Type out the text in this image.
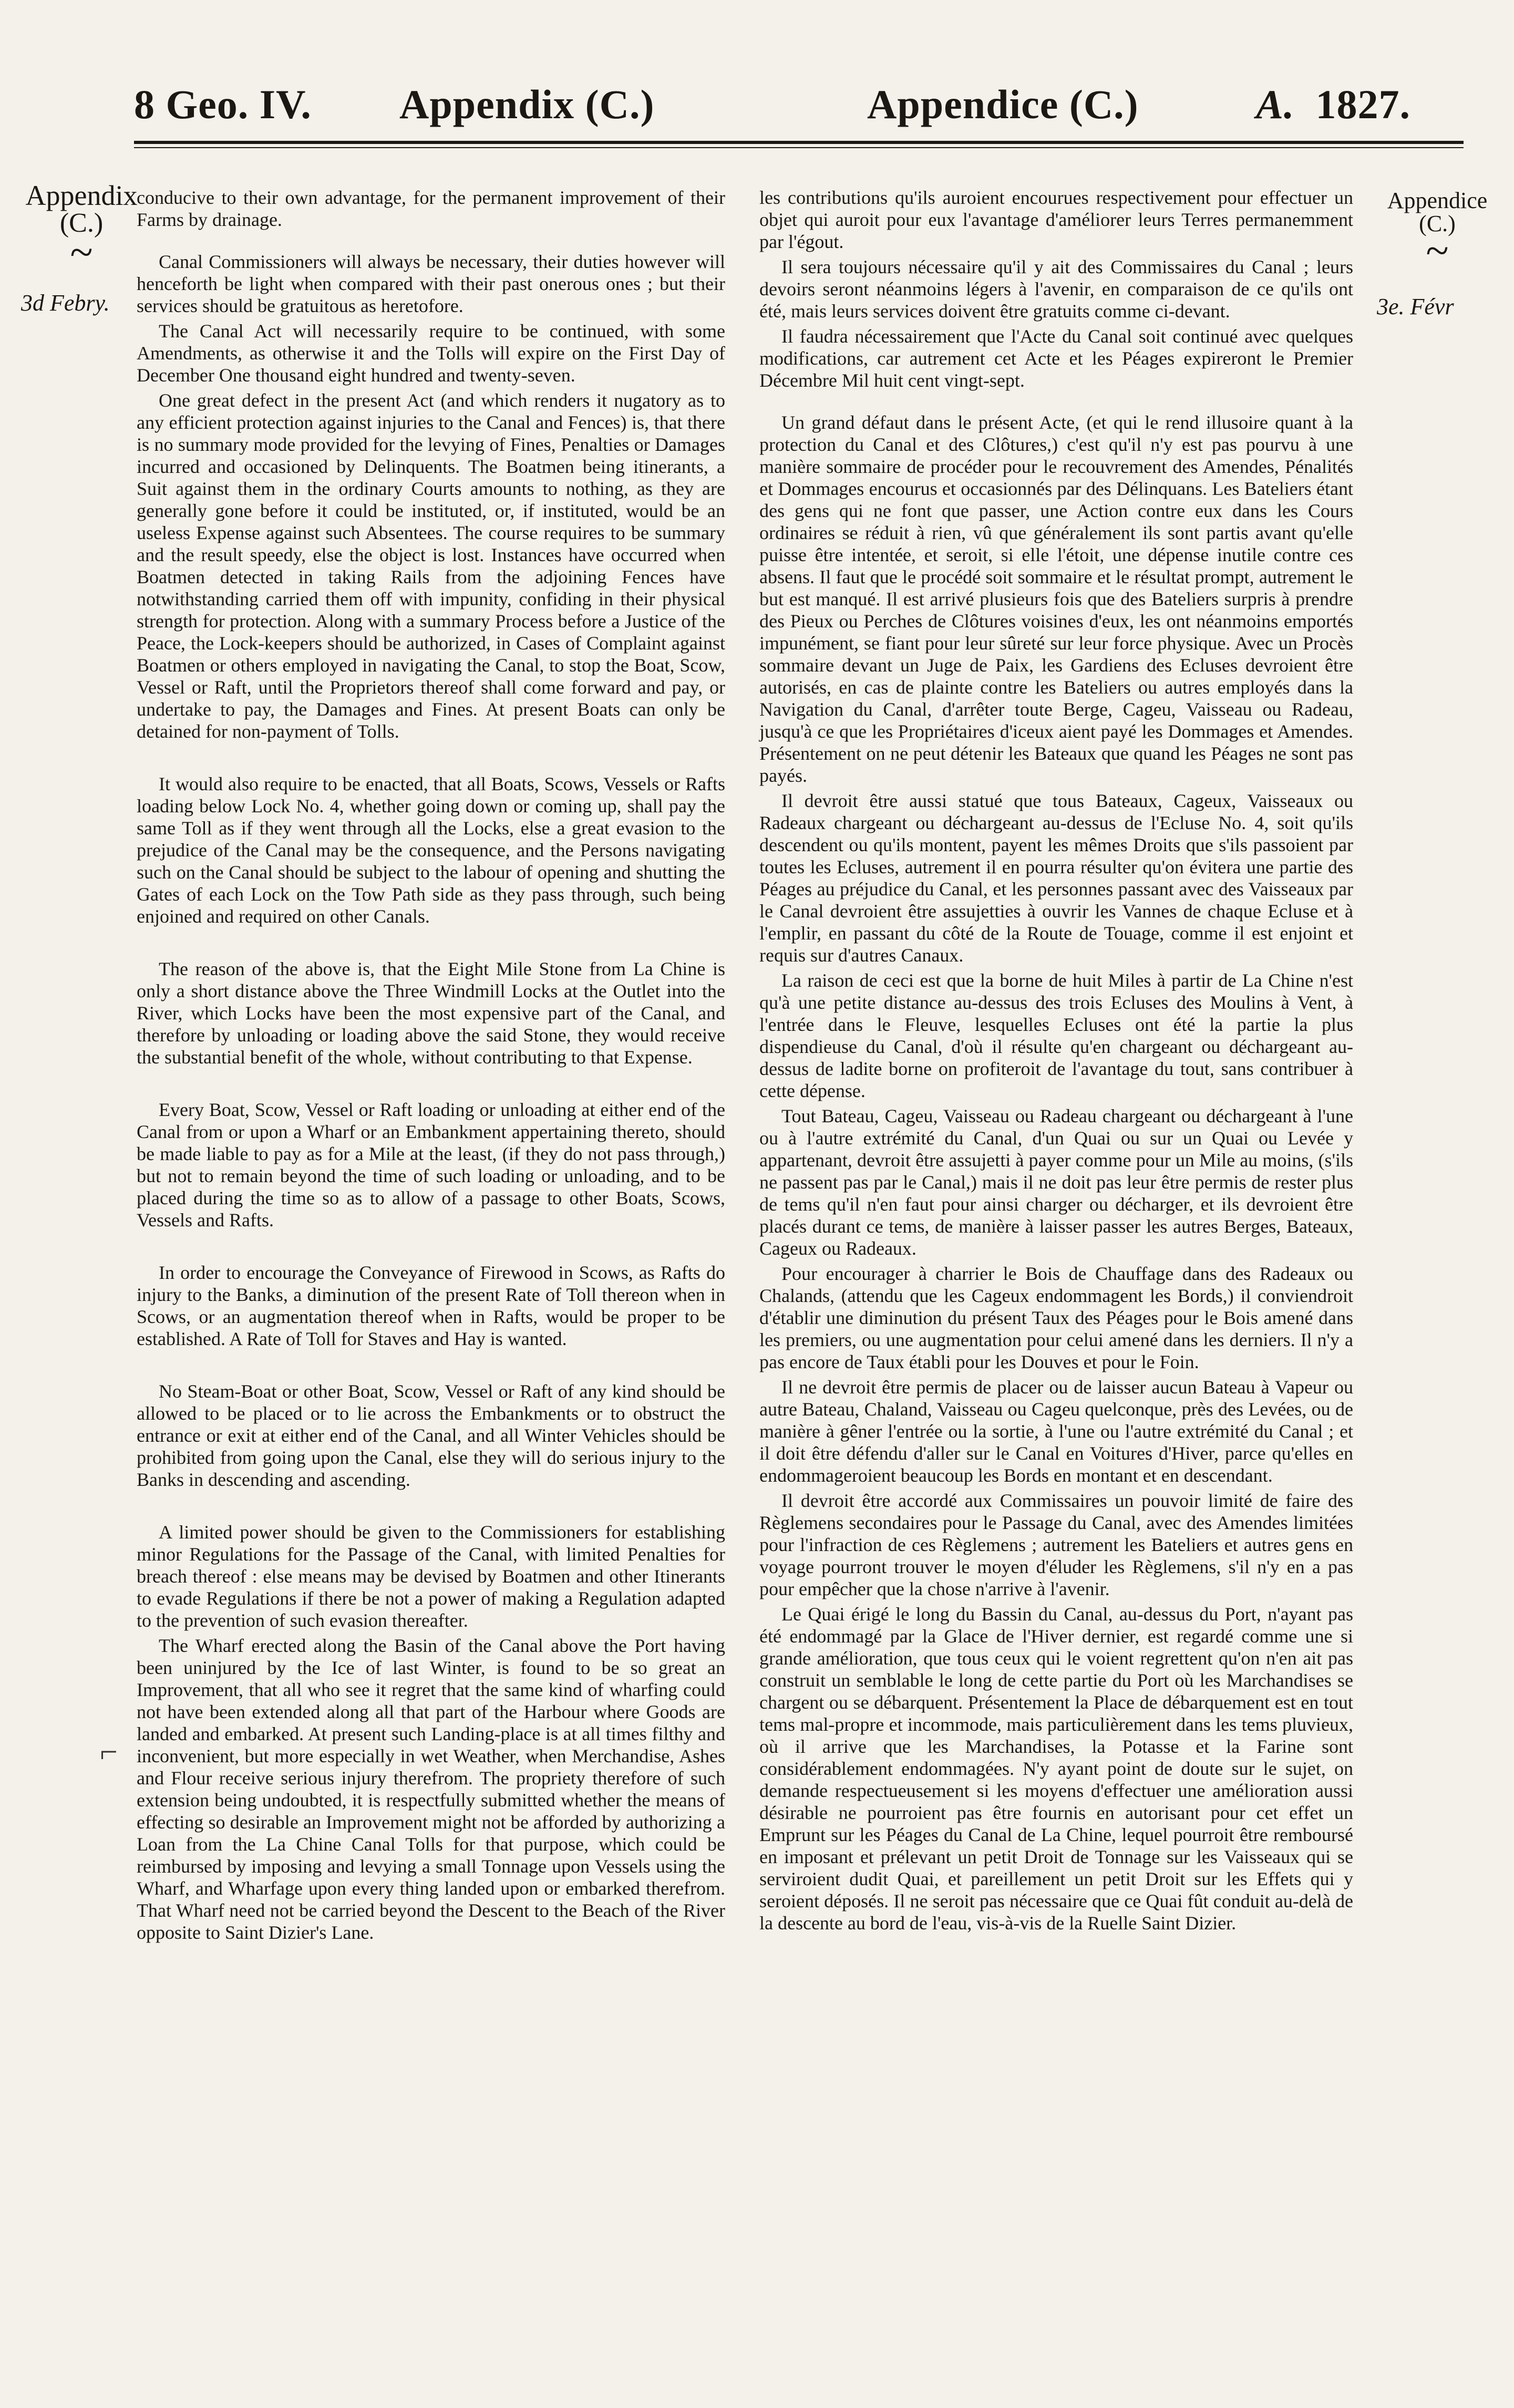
8 Geo. IV. Appendix (C.)	Appendice (C.)	A. 1827.
Appendix
(C.)
~
3d Febry.
Appendice
(C.)
~
3e. Févr
⌐

conducive to their own advantage, for the permanent improvement of their Farms by drainage.

Canal Commissioners will always be necessary, their duties however will henceforth be light when compared with their past onerous ones ; but their services should be gratuitous as heretofore.

The Canal Act will necessarily require to be continued, with some Amendments, as otherwise it and the Tolls will expire on the First Day of December One thousand eight hundred and twenty-seven.

One great defect in the present Act (and which renders it nugatory as to any efficient protection against injuries to the Canal and Fences) is, that there is no summary mode provided for the levying of Fines, Penalties or Damages incurred and occasioned by Delinquents. The Boatmen being itinerants, a Suit against them in the ordinary Courts amounts to nothing, as they are generally gone before it could be instituted, or, if instituted, would be an useless Expense against such Absentees. The course requires to be summary and the result speedy, else the object is lost. Instances have occurred when Boatmen detected in taking Rails from the adjoining Fences have notwithstanding carried them off with impunity, confiding in their physical strength for protection. Along with a summary Process before a Justice of the Peace, the Lock-keepers should be authorized, in Cases of Complaint against Boatmen or others employed in navigating the Canal, to stop the Boat, Scow, Vessel or Raft, until the Proprietors thereof shall come forward and pay, or undertake to pay, the Damages and Fines. At present Boats can only be detained for non-payment of Tolls.

It would also require to be enacted, that all Boats, Scows, Vessels or Rafts loading below Lock No. 4, whether going down or coming up, shall pay the same Toll as if they went through all the Locks, else a great evasion to the prejudice of the Canal may be the consequence, and the Persons navigating such on the Canal should be subject to the labour of opening and shutting the Gates of each Lock on the Tow Path side as they pass through, such being enjoined and required on other Canals.

The reason of the above is, that the Eight Mile Stone from La Chine is only a short distance above the Three Windmill Locks at the Outlet into the River, which Locks have been the most expensive part of the Canal, and therefore by unloading or loading above the said Stone, they would receive the substantial benefit of the whole, without contributing to that Expense.

Every Boat, Scow, Vessel or Raft loading or unloading at either end of the Canal from or upon a Wharf or an Embankment appertaining thereto, should be made liable to pay as for a Mile at the least, (if they do not pass through,) but not to remain beyond the time of such loading or unloading, and to be placed during the time so as to allow of a passage to other Boats, Scows, Vessels and Rafts.

In order to encourage the Conveyance of Firewood in Scows, as Rafts do injury to the Banks, a diminution of the present Rate of Toll thereon when in Scows, or an augmentation thereof when in Rafts, would be proper to be established. A Rate of Toll for Staves and Hay is wanted.

No Steam-Boat or other Boat, Scow, Vessel or Raft of any kind should be allowed to be placed or to lie across the Embankments or to obstruct the entrance or exit at either end of the Canal, and all Winter Vehicles should be prohibited from going upon the Canal, else they will do serious injury to the Banks in descending and ascending.

A limited power should be given to the Commissioners for establishing minor Regulations for the Passage of the Canal, with limited Penalties for breach thereof : else means may be devised by Boatmen and other Itinerants to evade Regulations if there be not a power of making a Regulation adapted to the prevention of such evasion thereafter.

The Wharf erected along the Basin of the Canal above the Port having been uninjured by the Ice of last Winter, is found to be so great an Improvement, that all who see it regret that the same kind of wharfing could not have been extended along all that part of the Harbour where Goods are landed and embarked. At present such Landing-place is at all times filthy and inconvenient, but more especially in wet Weather, when Merchandise, Ashes and Flour receive serious injury therefrom. The propriety therefore of such extension being undoubted, it is respectfully submitted whether the means of effecting so desirable an Improvement might not be afforded by authorizing a Loan from the La Chine Canal Tolls for that purpose, which could be reimbursed by imposing and levying a small Tonnage upon Vessels using the Wharf, and Wharfage upon every thing landed upon or embarked therefrom. That Wharf need not be carried beyond the Descent to the Beach of the River opposite to Saint Dizier's Lane.

les contributions qu'ils auroient encourues respectivement pour effectuer un objet qui auroit pour eux l'avantage d'améliorer leurs Terres permanemment par l'égout.

Il sera toujours nécessaire qu'il y ait des Commissaires du Canal ; leurs devoirs seront néanmoins légers à l'avenir, en comparaison de ce qu'ils ont été, mais leurs services doivent être gratuits comme ci-devant.

Il faudra nécessairement que l'Acte du Canal soit continué avec quelques modifications, car autrement cet Acte et les Péages expireront le Premier Décembre Mil huit cent vingt-sept.

Un grand défaut dans le présent Acte, (et qui le rend illusoire quant à la protection du Canal et des Clôtures,) c'est qu'il n'y est pas pourvu à une manière sommaire de procéder pour le recouvrement des Amendes, Pénalités et Dommages encourus et occasionnés par des Délinquans. Les Bateliers étant des gens qui ne font que passer, une Action contre eux dans les Cours ordinaires se réduit à rien, vû que généralement ils sont partis avant qu'elle puisse être intentée, et seroit, si elle l'étoit, une dépense inutile contre ces absens. Il faut que le procédé soit sommaire et le résultat prompt, autrement le but est manqué. Il est arrivé plusieurs fois que des Bateliers surpris à prendre des Pieux ou Perches de Clôtures voisines d'eux, les ont néanmoins emportés impunément, se fiant pour leur sûreté sur leur force physique. Avec un Procès sommaire devant un Juge de Paix, les Gardiens des Ecluses devroient être autorisés, en cas de plainte contre les Bateliers ou autres employés dans la Navigation du Canal, d'arrêter toute Berge, Cageu, Vaisseau ou Radeau, jusqu'à ce que les Propriétaires d'iceux aient payé les Dommages et Amendes. Présentement on ne peut détenir les Bateaux que quand les Péages ne sont pas payés.

Il devroit être aussi statué que tous Bateaux, Cageux, Vaisseaux ou Radeaux chargeant ou déchargeant au-dessus de l'Ecluse No. 4, soit qu'ils descendent ou qu'ils montent, payent les mêmes Droits que s'ils passoient par toutes les Ecluses, autrement il en pourra résulter qu'on évitera une partie des Péages au préjudice du Canal, et les personnes passant avec des Vaisseaux par le Canal devroient être assujetties à ouvrir les Vannes de chaque Ecluse et à l'emplir, en passant du côté de la Route de Touage, comme il est enjoint et requis sur d'autres Canaux.

La raison de ceci est que la borne de huit Miles à partir de La Chine n'est qu'à une petite distance au-dessus des trois Ecluses des Moulins à Vent, à l'entrée dans le Fleuve, lesquelles Ecluses ont été la partie la plus dispendieuse du Canal, d'où il résulte qu'en chargeant ou déchargeant au-dessus de ladite borne on profiteroit de l'avantage du tout, sans contribuer à cette dépense.

Tout Bateau, Cageu, Vaisseau ou Radeau chargeant ou déchargeant à l'une ou à l'autre extrémité du Canal, d'un Quai ou sur un Quai ou Levée y appartenant, devroit être assujetti à payer comme pour un Mile au moins, (s'ils ne passent pas par le Canal,) mais il ne doit pas leur être permis de rester plus de tems qu'il n'en faut pour ainsi charger ou décharger, et ils devroient être placés durant ce tems, de manière à laisser passer les autres Berges, Bateaux, Cageux ou Radeaux.

Pour encourager à charrier le Bois de Chauffage dans des Radeaux ou Chalands, (attendu que les Cageux endommagent les Bords,) il conviendroit d'établir une diminution du présent Taux des Péages pour le Bois amené dans les premiers, ou une augmentation pour celui amené dans les derniers. Il n'y a pas encore de Taux établi pour les Douves et pour le Foin.

Il ne devroit être permis de placer ou de laisser aucun Bateau à Vapeur ou autre Bateau, Chaland, Vaisseau ou Cageu quelconque, près des Levées, ou de manière à gêner l'entrée ou la sortie, à l'une ou l'autre extrémité du Canal ; et il doit être défendu d'aller sur le Canal en Voitures d'Hiver, parce qu'elles en endommageroient beaucoup les Bords en montant et en descendant.

Il devroit être accordé aux Commissaires un pouvoir limité de faire des Règlemens secondaires pour le Passage du Canal, avec des Amendes limitées pour l'infraction de ces Règlemens ; autrement les Bateliers et autres gens en voyage pourront trouver le moyen d'éluder les Règlemens, s'il n'y en a pas pour empêcher que la chose n'arrive à l'avenir.

Le Quai érigé le long du Bassin du Canal, au-dessus du Port, n'ayant pas été endommagé par la Glace de l'Hiver dernier, est regardé comme une si grande amélioration, que tous ceux qui le voient regrettent qu'on n'en ait pas construit un semblable le long de cette partie du Port où les Marchandises se chargent ou se débarquent. Présentement la Place de débarquement est en tout tems mal-propre et incommode, mais particulièrement dans les tems pluvieux, où il arrive que les Marchandises, la Potasse et la Farine sont considérablement endommagées. N'y ayant point de doute sur le sujet, on demande respectueusement si les moyens d'effectuer une amélioration aussi désirable ne pourroient pas être fournis en autorisant pour cet effet un Emprunt sur les Péages du Canal de La Chine, lequel pourroit être remboursé en imposant et prélevant un petit Droit de Tonnage sur les Vaisseaux qui se serviroient dudit Quai, et pareillement un petit Droit sur les Effets qui y seroient déposés. Il ne seroit pas nécessaire que ce Quai fût conduit au-delà de la descente au bord de l'eau, vis-à-vis de la Ruelle Saint Dizier.
